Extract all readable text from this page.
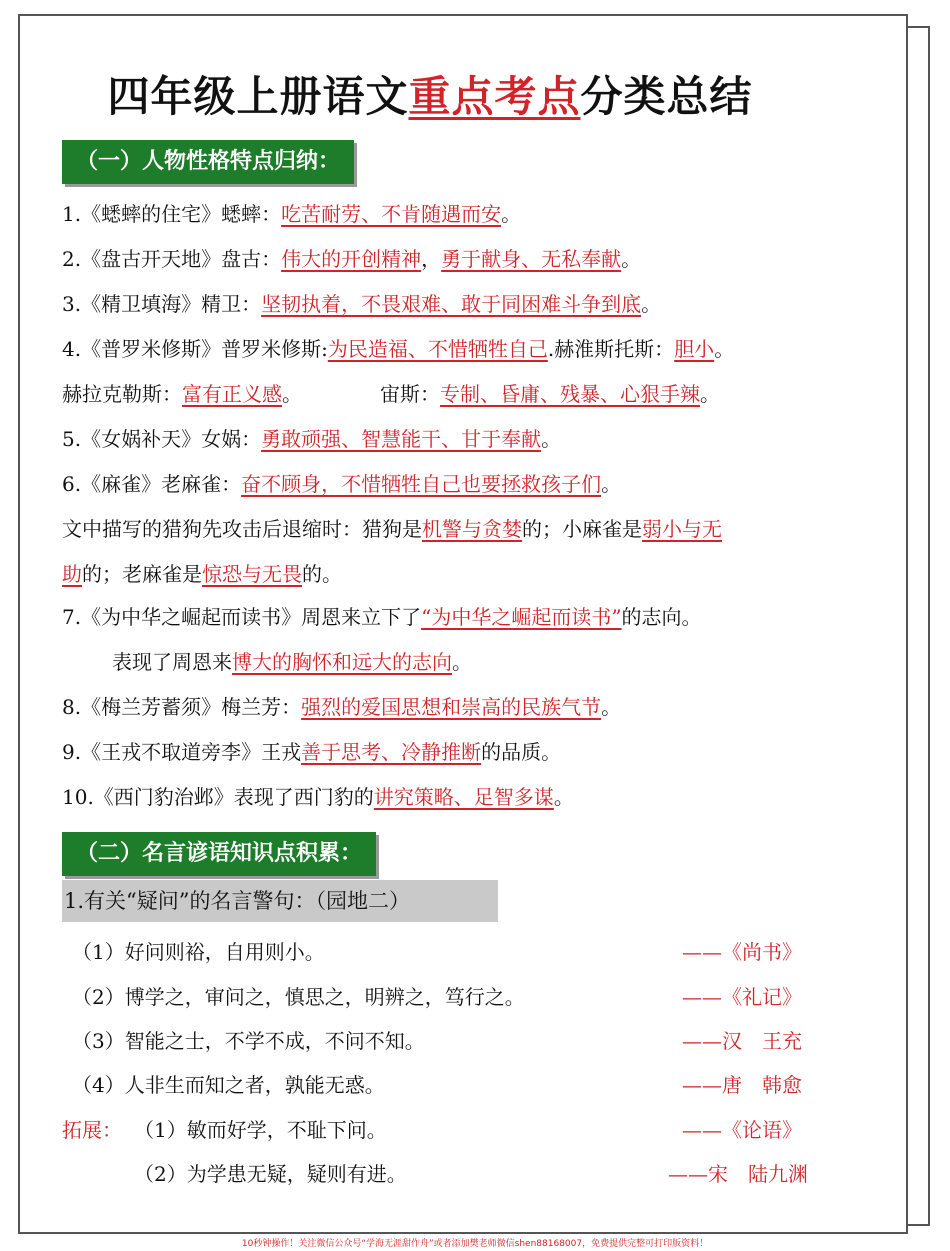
四年级上册语文重点考点分类总结
（一）人物性格特点归纳：
1.《蟋蟀的住宅》蟋蟀：吃苦耐劳、不肯随遇而安。
2.《盘古开天地》盘古：伟大的开创精神，勇于献身、无私奉献。
3.《精卫填海》精卫：坚韧执着，不畏艰难、敢于同困难斗争到底。
4.《普罗米修斯》普罗米修斯:为民造福、不惜牺牲自己.赫淮斯托斯：胆小。
赫拉克勒斯：富有正义感。	宙斯：专制、昏庸、残暴、心狠手辣。
5.《女娲补天》女娲：勇敢顽强、智慧能干、甘于奉献。
6.《麻雀》老麻雀：奋不顾身，不惜牺牲自己也要拯救孩子们。
文中描写的猎狗先攻击后退缩时：猎狗是机警与贪婪的；小麻雀是弱小与无
助的；老麻雀是惊恐与无畏的。
7.《为中华之崛起而读书》周恩来立下了“为中华之崛起而读书”的志向。
表现了周恩来博大的胸怀和远大的志向。
8.《梅兰芳蓄须》梅兰芳：强烈的爱国思想和崇高的民族气节。
9.《王戎不取道旁李》王戎善于思考、冷静推断的品质。
10.《西门豹治邺》表现了西门豹的讲究策略、足智多谋。
（二）名言谚语知识点积累：
1.有关“疑问”的名言警句：（园地二）
（1）好问则裕，自用则小。	——《尚书》
（2）博学之，审问之，慎思之，明辨之，笃行之。	——《礼记》
（3）智能之士，不学不成，不问不知。	——汉　王充
（4）人非生而知之者，孰能无惑。	——唐　韩愈
拓展： （1）敏而好学，不耻下问。	——《论语》
（2）为学患无疑，疑则有进。	——宋　陆九渊
10秒钟操作！关注微信公众号“学海无涯甜作舟”或者添加樊老师微信shen88168007，免费提供完整可打印版资料！
